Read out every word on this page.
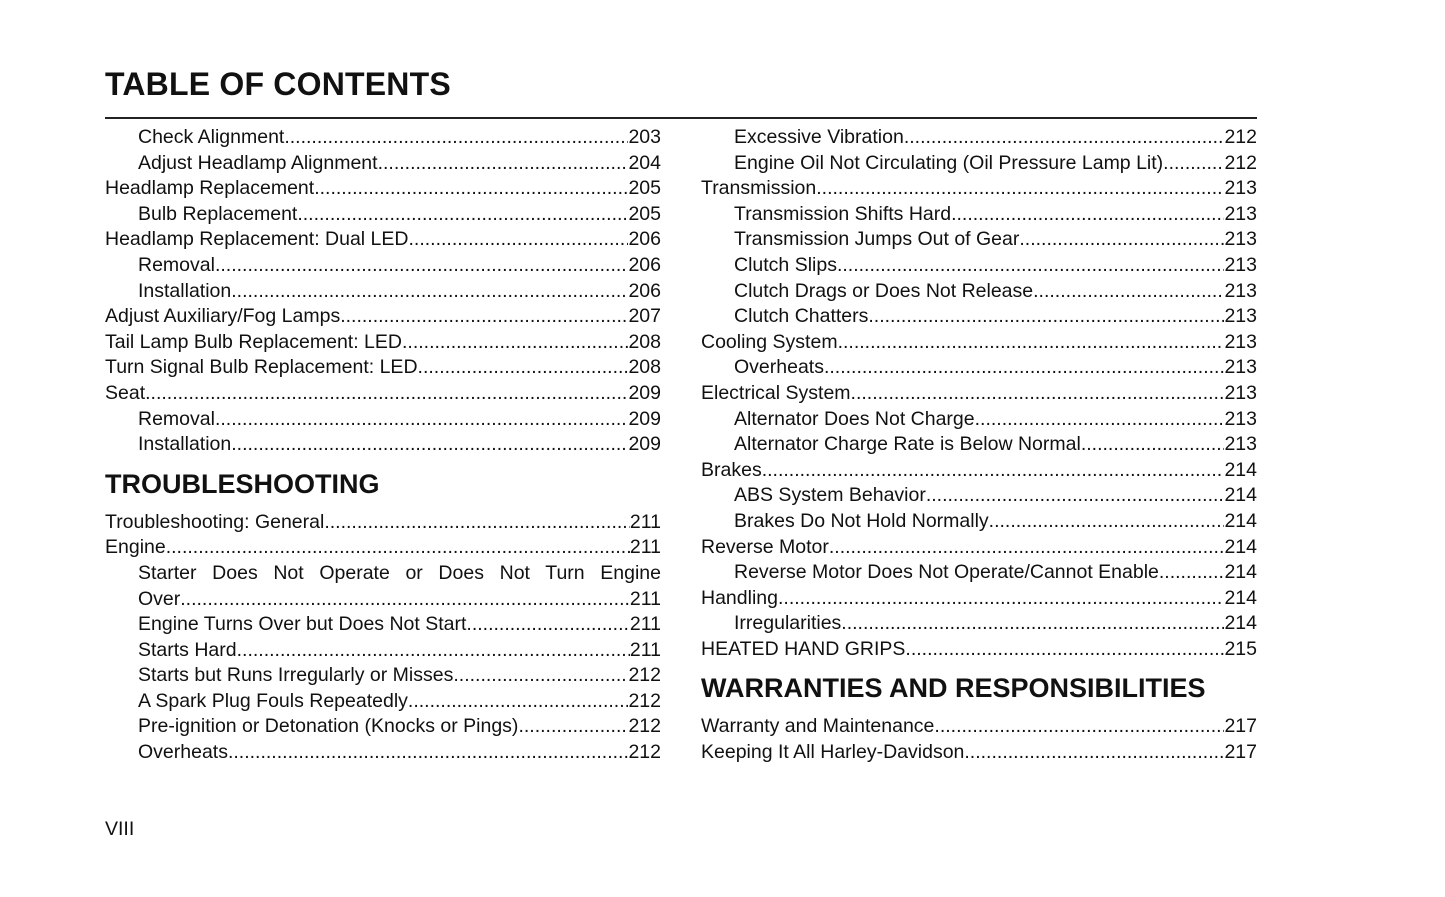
TABLE OF CONTENTS
Check Alignment .....	203
Adjust Headlamp Alignment .....	204
Headlamp Replacement .....	205
Bulb Replacement .....	205
Headlamp Replacement: Dual LED .....	206
Removal .....	206
Installation .....	206
Adjust Auxiliary/Fog Lamps .....	207
Tail Lamp Bulb Replacement: LED .....	208
Turn Signal Bulb Replacement: LED .....	208
Seat .....	209
Removal .....	209
Installation .....	209
TROUBLESHOOTING
Troubleshooting: General .....	211
Engine .....	211
Starter Does Not Operate or Does Not Turn Engine
Over .....	211
Engine Turns Over but Does Not Start .....	211
Starts Hard .....	211
Starts but Runs Irregularly or Misses .....	212
A Spark Plug Fouls Repeatedly .....	212
Pre-ignition or Detonation (Knocks or Pings) .....	212
Overheats .....	212
Excessive Vibration .....	212
Engine Oil Not Circulating (Oil Pressure Lamp Lit) .....	212
Transmission .....	213
Transmission Shifts Hard .....	213
Transmission Jumps Out of Gear .....	213
Clutch Slips .....	213
Clutch Drags or Does Not Release .....	213
Clutch Chatters .....	213
Cooling System .....	213
Overheats .....	213
Electrical System .....	213
Alternator Does Not Charge .....	213
Alternator Charge Rate is Below Normal .....	213
Brakes .....	214
ABS System Behavior .....	214
Brakes Do Not Hold Normally .....	214
Reverse Motor .....	214
Reverse Motor Does Not Operate/Cannot Enable .....	214
Handling .....	214
Irregularities .....	214
HEATED HAND GRIPS .....	215
WARRANTIES AND RESPONSIBILITIES
Warranty and Maintenance .....	217
Keeping It All Harley-Davidson .....	217
VIII
